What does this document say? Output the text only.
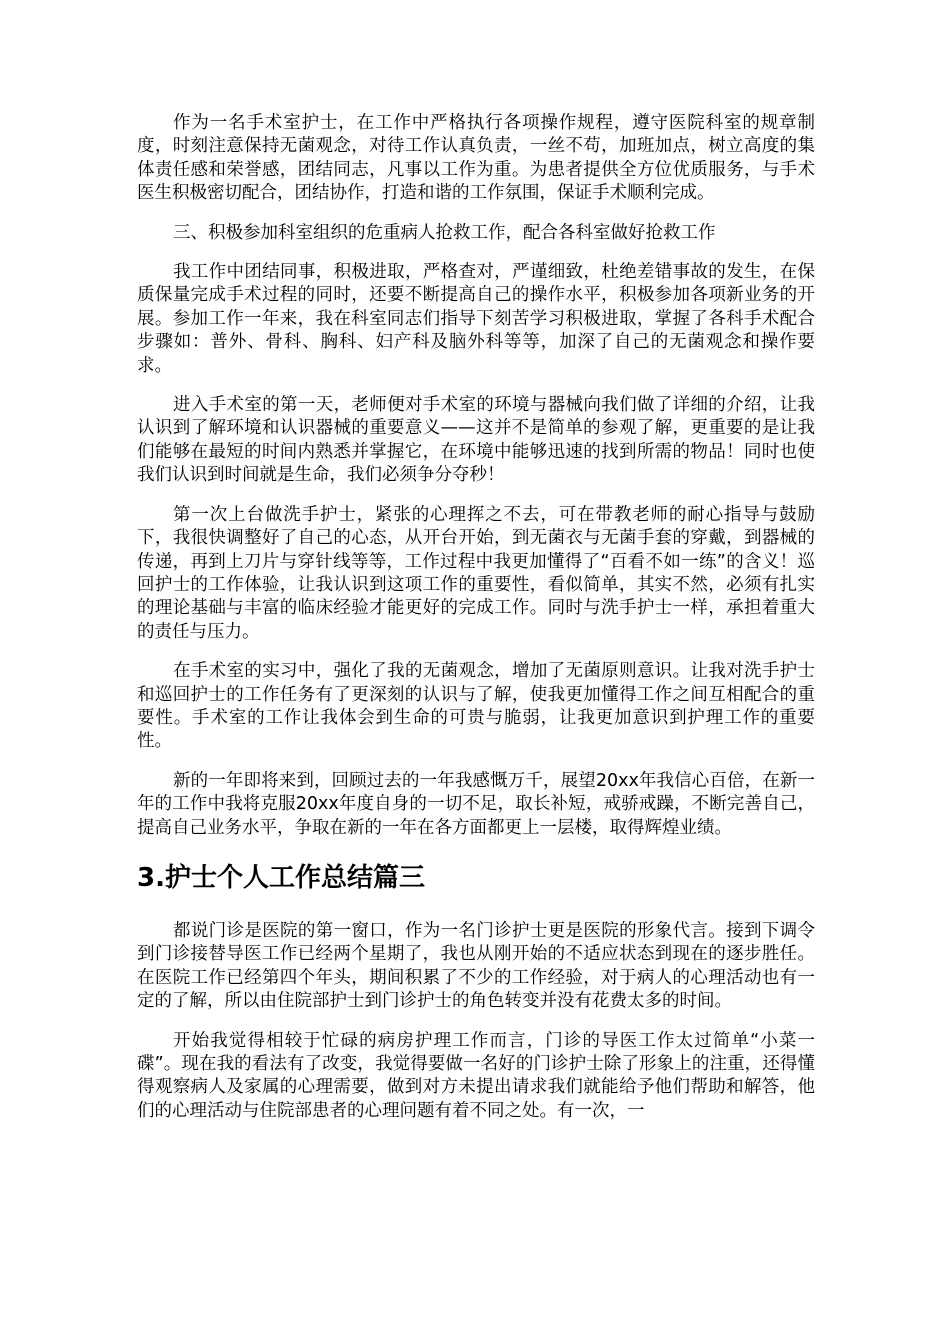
作为一名手术室护士，在工作中严格执行各项操作规程，遵守医院科室的规章制度，时刻注意保持无菌观念，对待工作认真负责，一丝不苟，加班加点，树立高度的集体责任感和荣誉感，团结同志，凡事以工作为重。为患者提供全方位优质服务，与手术医生积极密切配合，团结协作，打造和谐的工作氛围，保证手术顺利完成。

三、积极参加科室组织的危重病人抢救工作，配合各科室做好抢救工作

我工作中团结同事，积极进取，严格查对，严谨细致，杜绝差错事故的发生，在保质保量完成手术过程的同时，还要不断提高自己的操作水平，积极参加各项新业务的开展。参加工作一年来，我在科室同志们指导下刻苦学习积极进取，掌握了各科手术配合步骤如：普外、骨科、胸科、妇产科及脑外科等等，加深了自己的无菌观念和操作要求。

进入手术室的第一天，老师便对手术室的环境与器械向我们做了详细的介绍，让我认识到了解环境和认识器械的重要意义——这并不是简单的参观了解，更重要的是让我们能够在最短的时间内熟悉并掌握它，在环境中能够迅速的找到所需的物品！同时也使我们认识到时间就是生命，我们必须争分夺秒！

第一次上台做洗手护士，紧张的心理挥之不去，可在带教老师的耐心指导与鼓励下，我很快调整好了自己的心态，从开台开始，到无菌衣与无菌手套的穿戴，到器械的传递，再到上刀片与穿针线等等，工作过程中我更加懂得了“百看不如一练”的含义！巡回护士的工作体验，让我认识到这项工作的重要性，看似简单，其实不然，必须有扎实的理论基础与丰富的临床经验才能更好的完成工作。同时与洗手护士一样，承担着重大的责任与压力。

在手术室的实习中，强化了我的无菌观念，增加了无菌原则意识。让我对洗手护士和巡回护士的工作任务有了更深刻的认识与了解，使我更加懂得工作之间互相配合的重要性。手术室的工作让我体会到生命的可贵与脆弱，让我更加意识到护理工作的重要性。

新的一年即将来到，回顾过去的一年我感慨万千，展望20xx年我信心百倍，在新一年的工作中我将克服20xx年度自身的一切不足，取长补短，戒骄戒躁，不断完善自己，提高自己业务水平，争取在新的一年在各方面都更上一层楼，取得辉煌业绩。

3.护士个人工作总结篇三

都说门诊是医院的第一窗口，作为一名门诊护士更是医院的形象代言。接到下调令到门诊接替导医工作已经两个星期了，我也从刚开始的不适应状态到现在的逐步胜任。在医院工作已经第四个年头，期间积累了不少的工作经验，对于病人的心理活动也有一定的了解，所以由住院部护士到门诊护士的角色转变并没有花费太多的时间。

开始我觉得相较于忙碌的病房护理工作而言，门诊的导医工作太过简单“小菜一碟”。现在我的看法有了改变，我觉得要做一名好的门诊护士除了形象上的注重，还得懂得观察病人及家属的心理需要，做到对方未提出请求我们就能给予他们帮助和解答，他们的心理活动与住院部患者的心理问题有着不同之处。有一次，一
